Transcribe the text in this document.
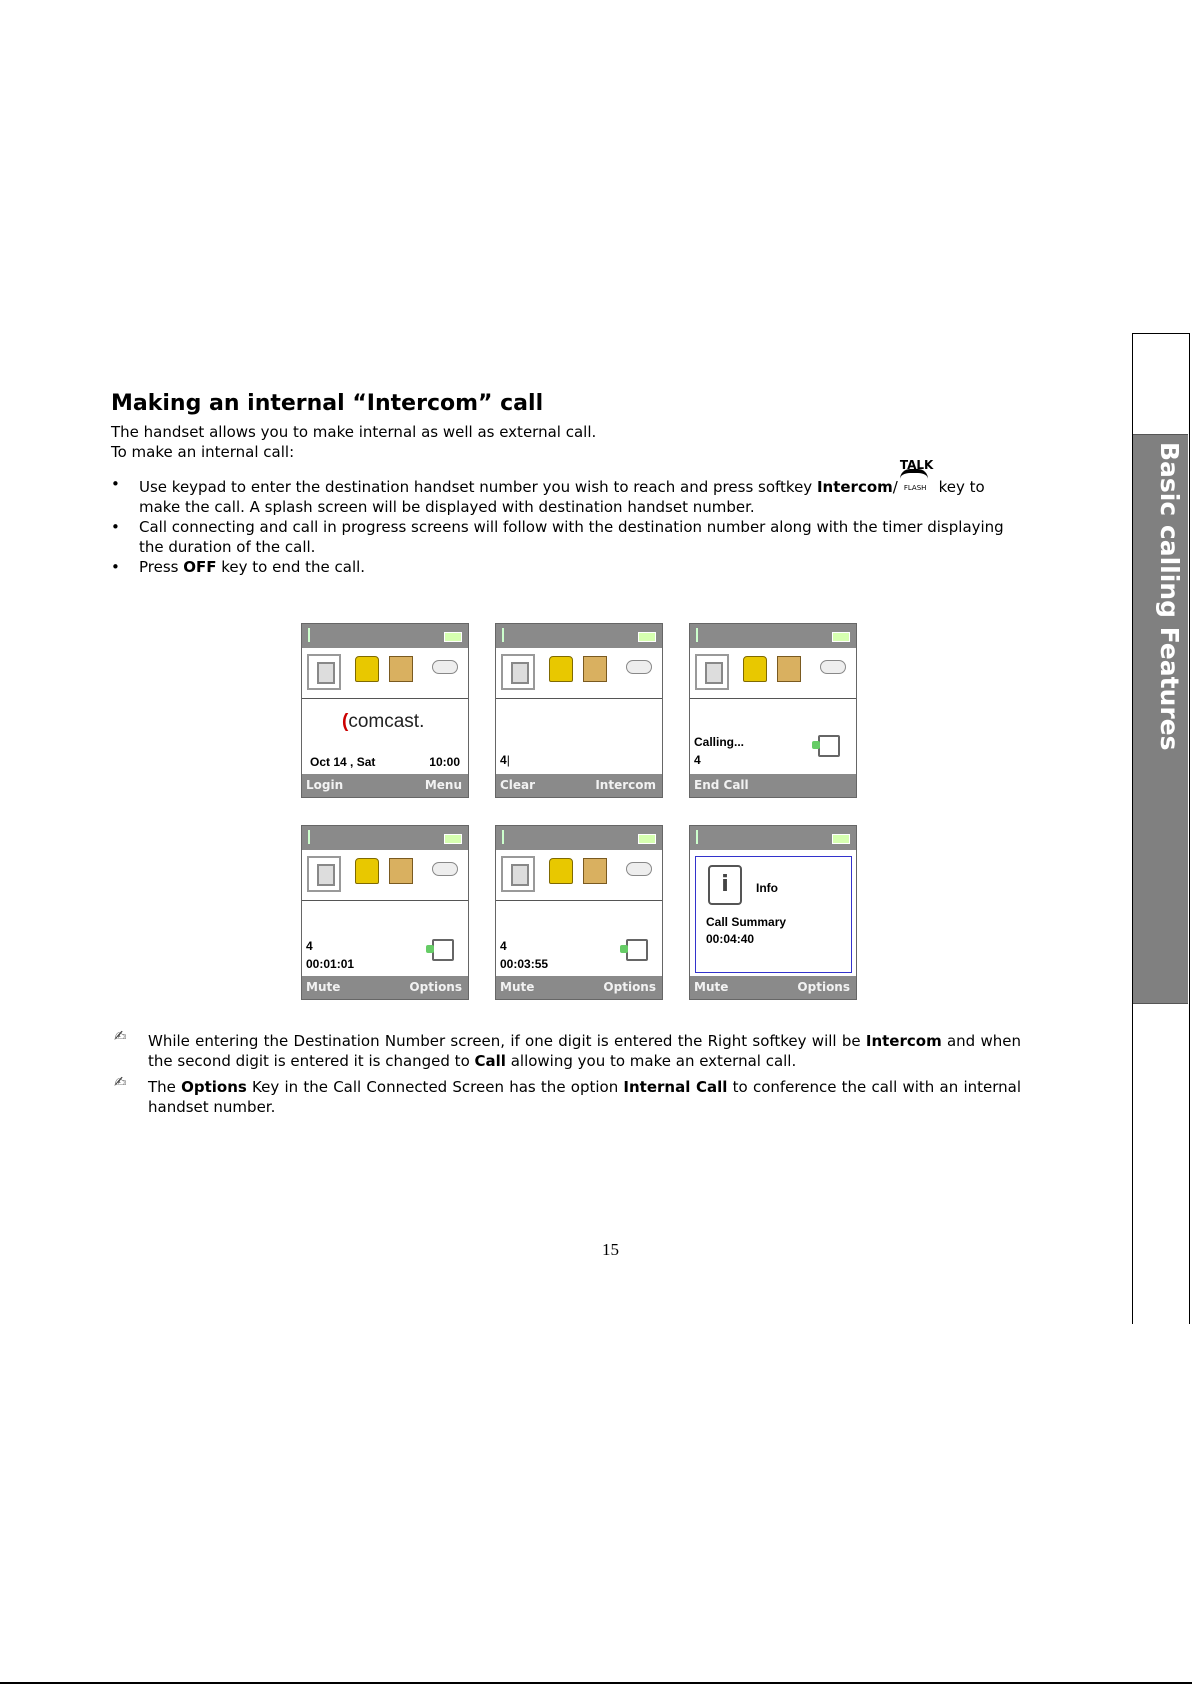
Basic calling Features
Making an internal “Intercom” call

The handset allows you to make internal as well as external call.

To make an internal call:

• Use keypad to enter the destination handset number you wish to reach and press softkey Intercom/
TALK
FLASH key to make the call. A splash screen will be displayed with destination handset number.
• Call connecting and call in progress screens will follow with the destination number along with the timer displaying the duration of the call.
• Press OFF key to end the call.
(comcast.
Oct 14 , Sat	10:00
Login	Menu
4|
Clear	Intercom
Calling...
4
End Call
4
00:01:01
Mute	Options
4
00:03:55
Mute	Options
i	Info
Call Summary
00:04:40
Mute	Options

✍ While entering the Destination Number screen, if one digit is entered the Right softkey will be Intercom and when the second digit is entered it is changed to Call allowing you to make an external call.

✍ The Options Key in the Call Connected Screen has the option Internal Call to conference the call with an internal handset number.

15
